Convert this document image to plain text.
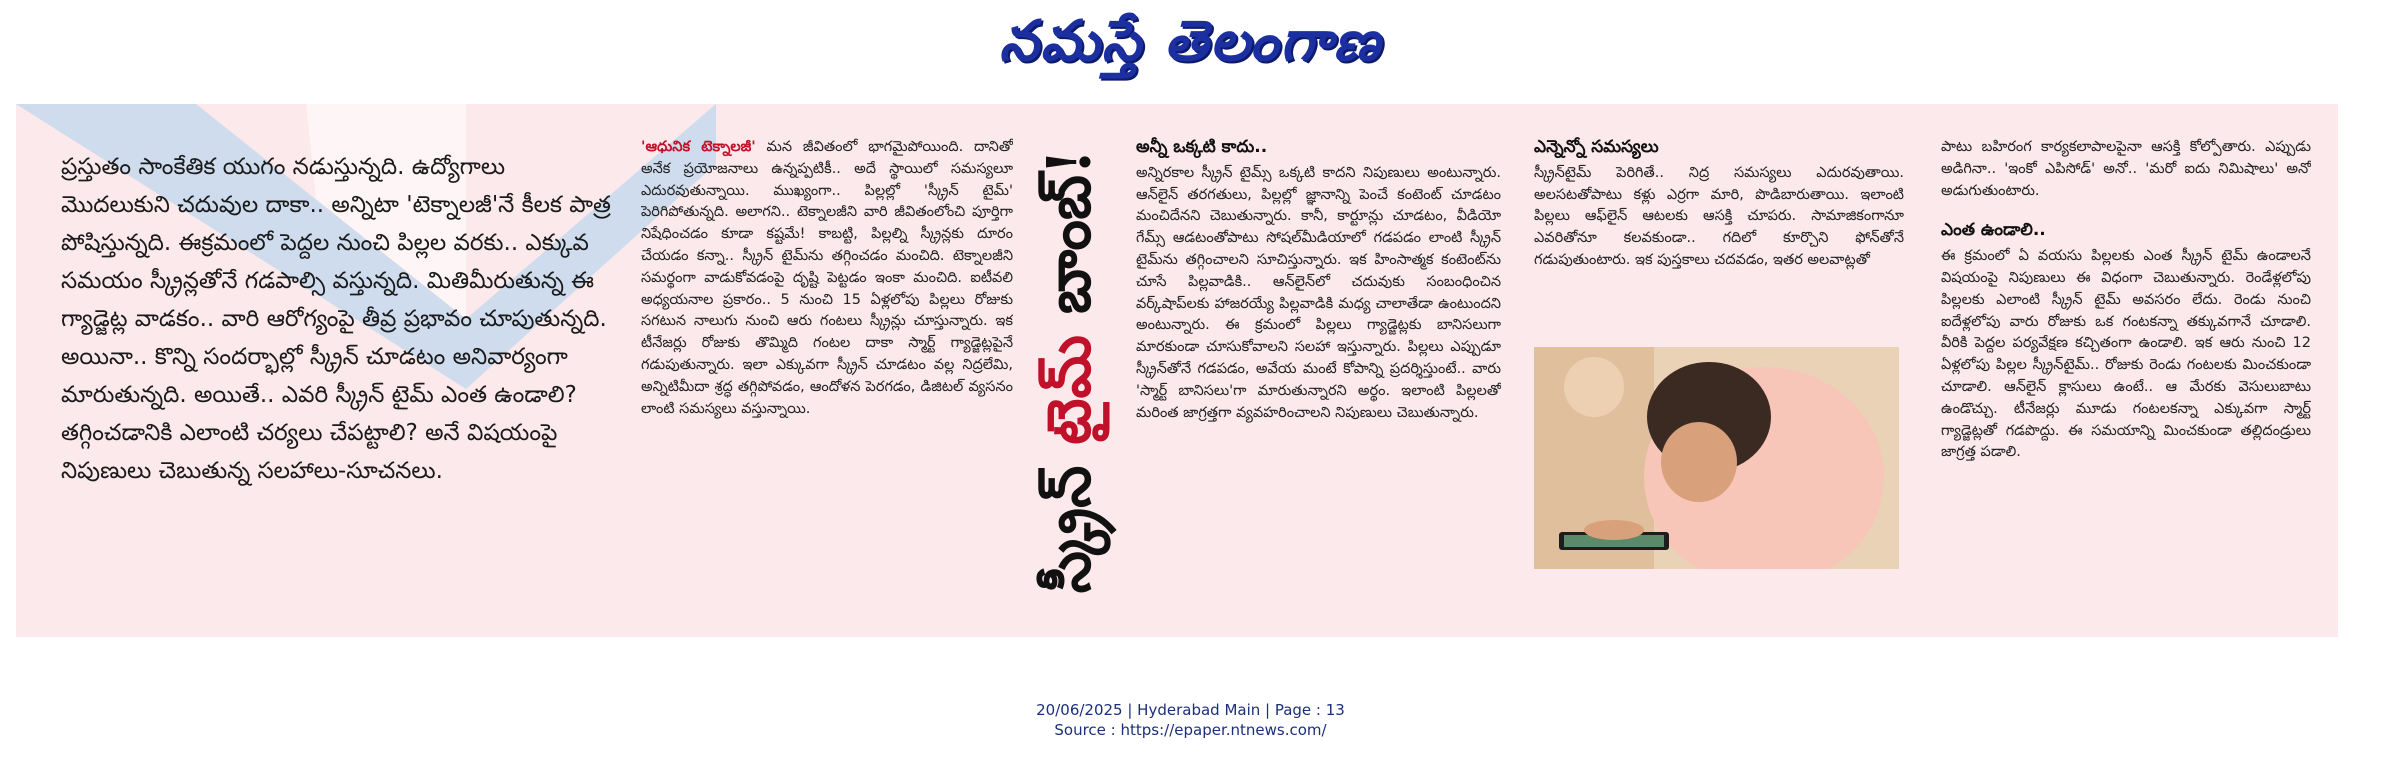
నమస్తే తెలంగాణ
ప్రస్తుతం సాంకేతిక యుగం నడుస్తున్నది. ఉద్యోగాలు మొదలుకుని చదువుల దాకా.. అన్నిటా 'టెక్నాలజీ'నే కీలక పాత్ర పోషిస్తున్నది. ఈక్రమంలో పెద్దల నుంచి పిల్లల వరకు.. ఎక్కువ సమయం స్క్రీన్లతోనే గడపాల్సి వస్తున్నది. మితిమీరుతున్న ఈ గ్యాడ్జెట్ల వాడకం.. వారి ఆరోగ్యంపై తీవ్ర ప్రభావం చూపుతున్నది. అయినా.. కొన్ని సందర్భాల్లో స్క్రీన్ చూడటం అనివార్యంగా మారుతున్నది. అయితే.. ఎవరి స్క్రీన్ టైమ్ ఎంత ఉండాలి? తగ్గించడానికి ఎలాంటి చర్యలు చేపట్టాలి? అనే విషయంపై నిపుణులు చెబుతున్న సలహాలు-సూచనలు.
'ఆధునిక టెక్నాలజీ' మన జీవితంలో భాగమైపోయింది. దానితో అనేక ప్రయోజనాలు ఉన్నప్పటికీ.. అదే స్థాయిలో సమస్యలూ ఎదురవుతున్నాయి. ముఖ్యంగా.. పిల్లల్లో 'స్క్రీన్ టైమ్' పెరిగిపోతున్నది. అలాగని.. టెక్నాలజీని వారి జీవితంలోంచి పూర్తిగా నిషేధించడం కూడా కష్టమే! కాబట్టి, పిల్లల్ని స్క్రీన్లకు దూరం చేయడం కన్నా.. స్క్రీన్ టైమ్‌ను తగ్గించడం మంచిది. టెక్నాలజీని సమర్థంగా వాడుకోవడంపై దృష్టి పెట్టడం ఇంకా మంచిది. ఐటీవలి అధ్యయనాల ప్రకారం.. 5 నుంచి 15 ఏళ్లలోపు పిల్లలు రోజుకు సగటున నాలుగు నుంచి ఆరు గంటలు స్క్రీన్లు చూస్తున్నారు. ఇక టీనేజర్లు రోజుకు తొమ్మిది గంటల దాకా స్మార్ట్ గ్యాడ్జెట్లపైనే గడుపుతున్నారు. ఇలా ఎక్కువగా స్క్రీన్ చూడటం వల్ల నిద్రలేమి, అన్నిటిమీదా శ్రద్ధ తగ్గిపోవడం, ఆందోళన పెరగడం, డిజిటల్ వ్యసనం లాంటి సమస్యలు వస్తున్నాయి.
స్క్రీన్ టైమ్ బాంబ్!
అన్నీ ఒక్కటి కాదు..
అన్నిరకాల స్క్రీన్ టైమ్స్ ఒక్కటి కాదని నిపుణులు అంటున్నారు. ఆన్‌లైన్ తరగతులు, పిల్లల్లో జ్ఞానాన్ని పెంచే కంటెంట్ చూడటం మంచిదేనని చెబుతున్నారు. కానీ, కార్టూన్లు చూడటం, వీడియో గేమ్స్ ఆడటంతోపాటు సోషల్‌మీడియాలో గడపడం లాంటి స్క్రీన్ టైమ్‌ను తగ్గించాలని సూచిస్తున్నారు. ఇక హింసాత్మక కంటెంట్‌ను చూసే పిల్లవాడికి.. ఆన్‌లైన్‌లో చదువుకు సంబంధించిన వర్క్‌షాప్‌లకు హాజరయ్యే పిల్లవాడికి మధ్య చాలాతేడా ఉంటుందని అంటున్నారు. ఈ క్రమంలో పిల్లలు గ్యాడ్జెట్లకు బానిసలుగా మారకుండా చూసుకోవాలని సలహా ఇస్తున్నారు. పిల్లలు ఎప్పుడూ స్క్రీన్‌తోనే గడపడం, అవేయ మంటే కోపాన్ని ప్రదర్శిస్తుంటే.. వారు 'స్మార్ట్ బానిసలు'గా మారుతున్నారని అర్థం. ఇలాంటి పిల్లలతో మరింత జాగ్రత్తగా వ్యవహరించాలని నిపుణులు చెబుతున్నారు.
ఎన్నెన్నో సమస్యలు
స్క్రీన్‌టైమ్ పెరిగితే.. నిద్ర సమస్యలు ఎదురవుతాయి. అలసటతోపాటు కళ్లు ఎర్రగా మారి, పొడిబారుతాయి. ఇలాంటి పిల్లలు ఆఫ్‌లైన్ ఆటలకు ఆసక్తి చూపరు. సామాజికంగానూ ఎవరితోనూ కలవకుండా.. గదిలో కూర్చొని ఫోన్‌తోనే గడుపుతుంటారు. ఇక పుస్తకాలు చదవడం, ఇతర అలవాట్లతో
పాటు బహిరంగ కార్యకలాపాలపైనా ఆసక్తి కోల్పోతారు. ఎప్పుడు అడిగినా.. 'ఇంకో ఎపిసోడ్' అనో.. 'మరో ఐదు నిమిషాలు' అనో అడుగుతుంటారు.
ఎంత ఉండాలి..
ఈ క్రమంలో ఏ వయసు పిల్లలకు ఎంత స్క్రీన్ టైమ్ ఉండాలనే విషయంపై నిపుణులు ఈ విధంగా చెబుతున్నారు. రెండేళ్లలోపు పిల్లలకు ఎలాంటి స్క్రీన్ టైమ్ అవసరం లేదు. రెండు నుంచి ఐదేళ్లలోపు వారు రోజుకు ఒక గంటకన్నా తక్కువగానే చూడాలి. వీరికి పెద్దల పర్యవేక్షణ కచ్చితంగా ఉండాలి. ఇక ఆరు నుంచి 12 ఏళ్లలోపు పిల్లల స్క్రీన్‌టైమ్.. రోజుకు రెండు గంటలకు మించకుండా చూడాలి. ఆన్‌లైన్ క్లాసులు ఉంటే.. ఆ మేరకు వెసులుబాటు ఉండొచ్చు. టీనేజర్లు మూడు గంటలకన్నా ఎక్కువగా స్మార్ట్ గ్యాడ్జెట్లతో గడపొద్దు. ఈ సమయాన్ని మించకుండా తల్లిదండ్రులు జాగ్రత్త పడాలి.
20/06/2025 | Hyderabad Main | Page : 13
Source : https://epaper.ntnews.com/
